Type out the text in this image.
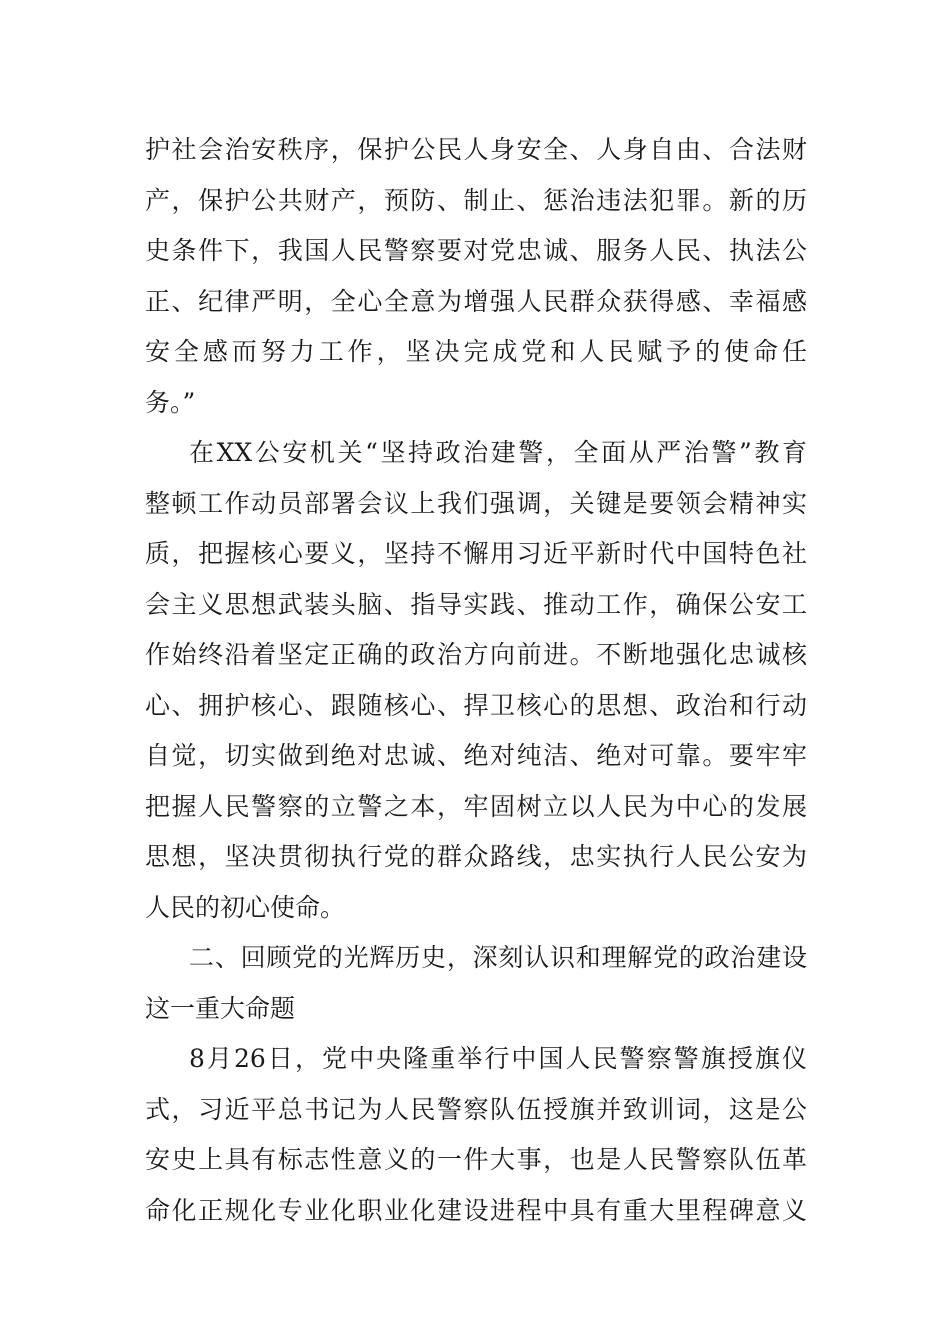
护社会治安秩序，保护公民人身安全、人身自由、合法财
产，保护公共财产，预防、制止、惩治违法犯罪。新的历
史条件下，我国人民警察要对党忠诚、服务人民、执法公
正、纪律严明，全心全意为增强人民群众获得感、幸福感
安全感而努力工作，坚决完成党和人民赋予的使命任
务。”
在XX公安机关“坚持政治建警，全面从严治警”教育
整顿工作动员部署会议上我们强调，关键是要领会精神实
质，把握核心要义，坚持不懈用习近平新时代中国特色社
会主义思想武装头脑、指导实践、推动工作，确保公安工
作始终沿着坚定正确的政治方向前进。不断地强化忠诚核
心、拥护核心、跟随核心、捍卫核心的思想、政治和行动
自觉，切实做到绝对忠诚、绝对纯洁、绝对可靠。要牢牢
把握人民警察的立警之本，牢固树立以人民为中心的发展
思想，坚决贯彻执行党的群众路线，忠实执行人民公安为
人民的初心使命。
二、回顾党的光辉历史，深刻认识和理解党的政治建设
这一重大命题
8月26日，党中央隆重举行中国人民警察警旗授旗仪
式，习近平总书记为人民警察队伍授旗并致训词，这是公
安史上具有标志性意义的一件大事，也是人民警察队伍革
命化正规化专业化职业化建设进程中具有重大里程碑意义
